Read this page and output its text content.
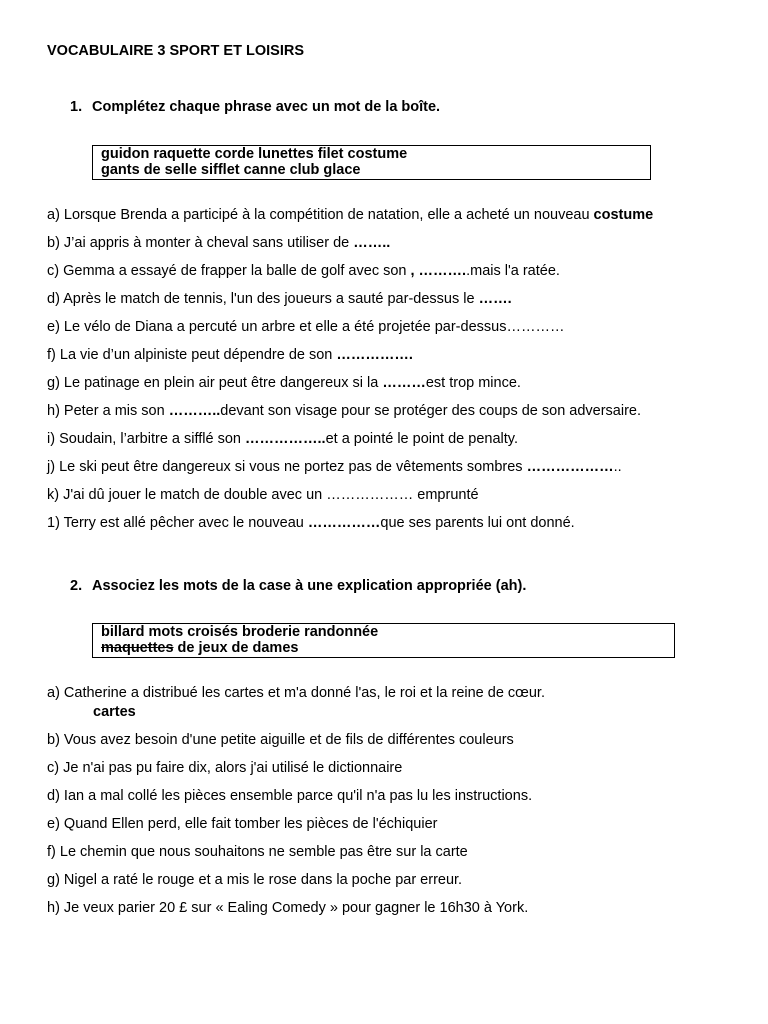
VOCABULAIRE 3 SPORT ET LOISIRS
1. Complétez chaque phrase avec un mot de la boîte.
guidon raquette corde lunettes filet costume
gants de selle sifflet canne club glace
a) Lorsque Brenda a participé à la compétition de natation, elle a acheté un nouveau costume
b) J’ai appris à monter à cheval sans utiliser de ……..
c) Gemma a essayé de frapper la balle de golf avec son , ………..mais l'a ratée.
d) Après le match de tennis, l'un des joueurs a sauté par-dessus le …….
e) Le vélo de Diana a percuté un arbre et elle a été projetée par-dessus…………
f) La vie d’un alpiniste peut dépendre de son …………….
g) Le patinage en plein air peut être dangereux si la ………est trop mince.
h) Peter a mis son ………..devant son visage pour se protéger des coups de son adversaire.
i) Soudain, l’arbitre a sifflé son ……………..et a pointé le point de penalty.
j) Le ski peut être dangereux si vous ne portez pas de vêtements sombres ………………..
k) J'ai dû jouer le match de double avec un ……………… emprunté
1) Terry est allé pêcher avec le nouveau ……………que ses parents lui ont donné.
2. Associez les mots de la case à une explication appropriée (ah).
billard mots croisés broderie randonnée
maquettes de jeux de dames
a) Catherine a distribué les cartes et m'a donné l'as, le roi et la reine de cœur.
cartes
b) Vous avez besoin d'une petite aiguille et de fils de différentes couleurs
c) Je n'ai pas pu faire dix, alors j'ai utilisé le dictionnaire
d) Ian a mal collé les pièces ensemble parce qu'il n'a pas lu les instructions.
e) Quand Ellen perd, elle fait tomber les pièces de l'échiquier
f) Le chemin que nous souhaitons ne semble pas être sur la carte
g) Nigel a raté le rouge et a mis le rose dans la poche par erreur.
h) Je veux parier 20 £ sur « Ealing Comedy » pour gagner le 16h30 à York.
